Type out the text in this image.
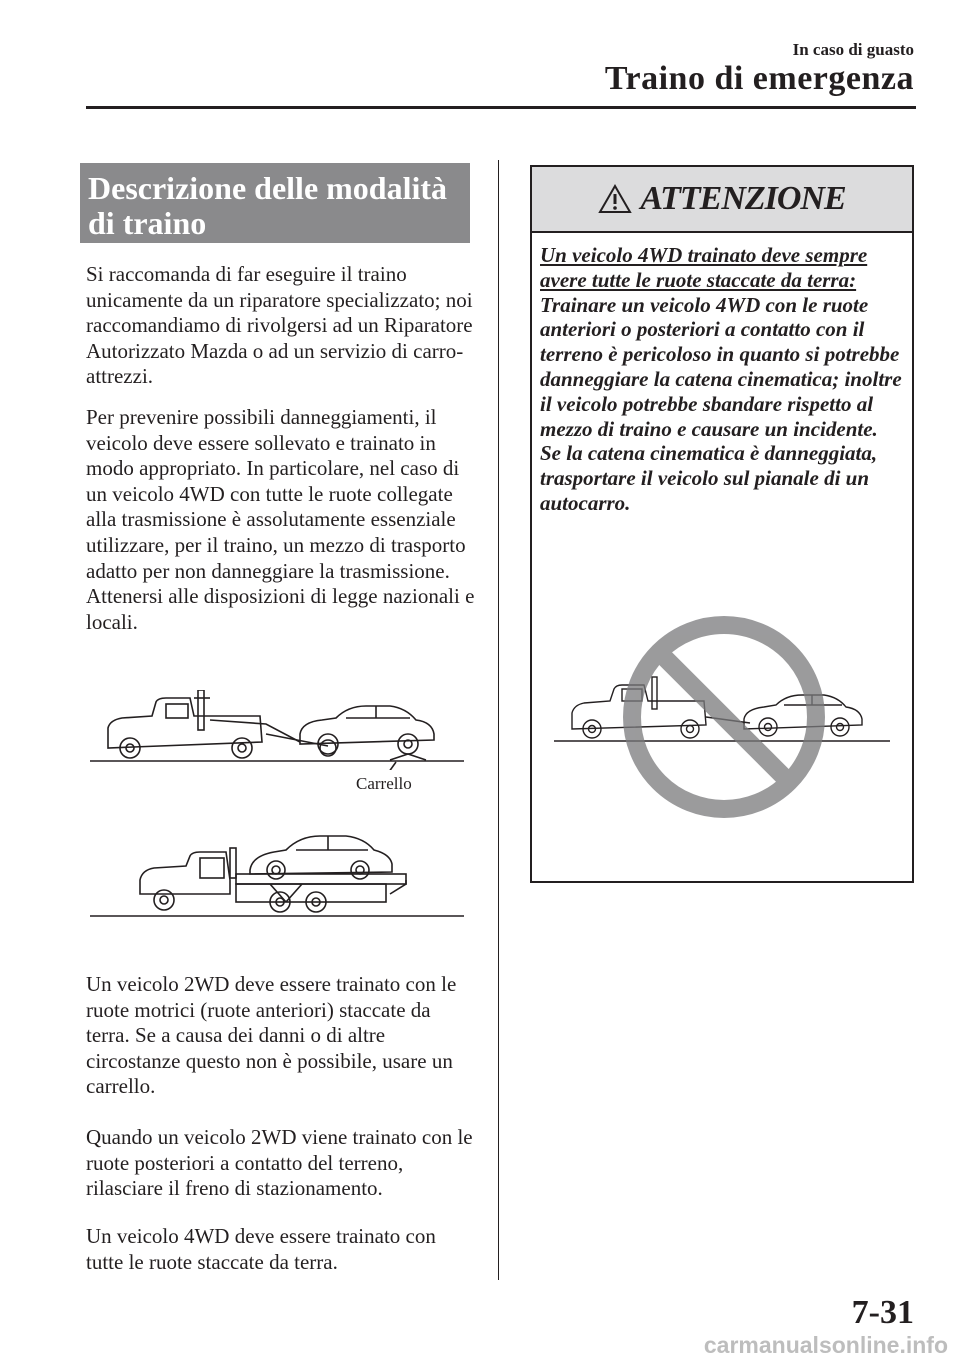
In caso di guasto
Traino di emergenza
Descrizione delle modalità di traino

Si raccomanda di far eseguire il traino unicamente da un riparatore specializzato; noi raccomandiamo di rivolgersi ad un Riparatore Autorizzato Mazda o ad un servizio di carro-attrezzi.

Per prevenire possibili danneggiamenti, il veicolo deve essere sollevato e trainato in modo appropriato. In particolare, nel caso di un veicolo 4WD con tutte le ruote collegate alla trasmissione è assolutamente essenziale utilizzare, per il traino, un mezzo di trasporto adatto per non danneggiare la trasmissione. Attenersi alle disposizioni di legge nazionali e locali.

Carrello

Un veicolo 2WD deve essere trainato con le ruote motrici (ruote anteriori) staccate da terra. Se a causa dei danni o di altre circostanze questo non è possibile, usare un carrello.

Quando un veicolo 2WD viene trainato con le ruote posteriori a contatto del terreno, rilasciare il freno di stazionamento.

Un veicolo 4WD deve essere trainato con tutte le ruote staccate da terra.

ATTENZIONE
Un veicolo 4WD trainato deve sempre avere tutte le ruote staccate da terra:
Trainare un veicolo 4WD con le ruote anteriori o posteriori a contatto con il terreno è pericoloso in quanto si potrebbe danneggiare la catena cinematica; inoltre il veicolo potrebbe sbandare rispetto al mezzo di traino e causare un incidente. Se la catena cinematica è danneggiata, trasportare il veicolo sul pianale di un autocarro.
7-31
carmanualsonline.info
